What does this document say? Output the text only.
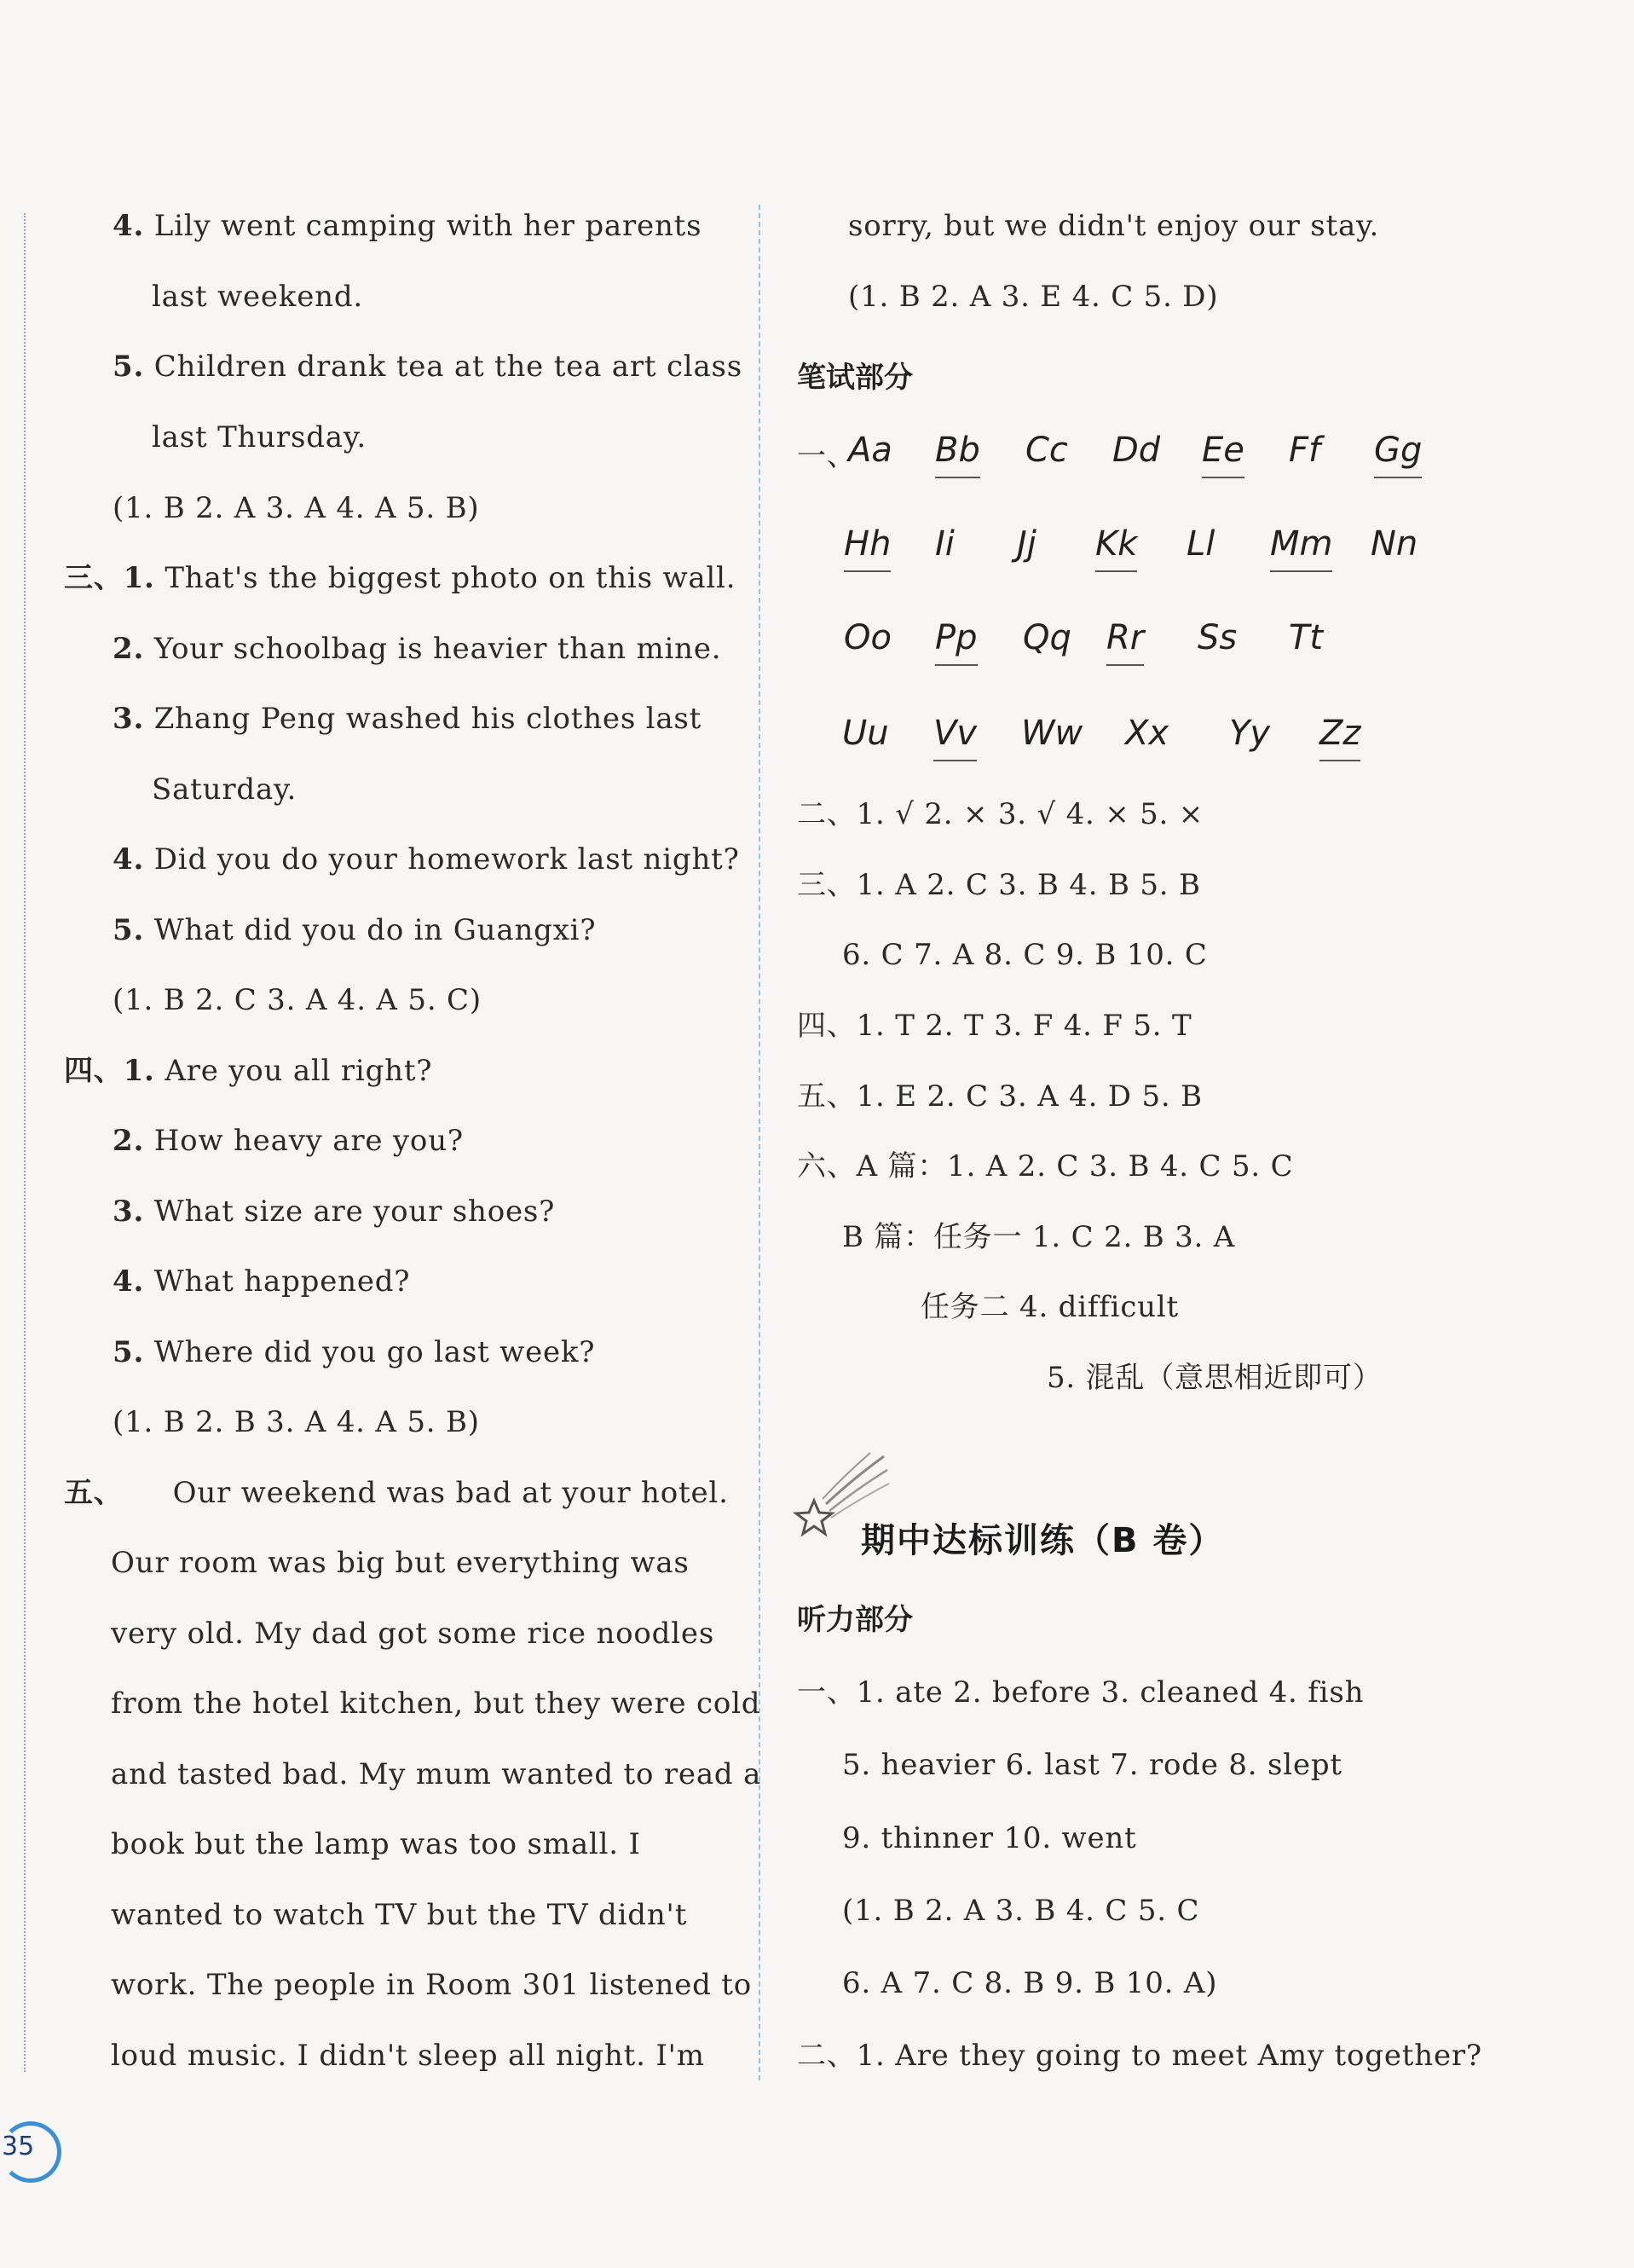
4. Lily went camping with her parents
last weekend.
5. Children drank tea at the tea art class
last Thursday.
(1. B 2. A 3. A 4. A 5. B)
三、1. That's the biggest photo on this wall.
2. Your schoolbag is heavier than mine.
3. Zhang Peng washed his clothes last
Saturday.
4. Did you do your homework last night?
5. What did you do in Guangxi?
(1. B 2. C 3. A 4. A 5. C)
四、1. Are you all right?
2. How heavy are you?
3. What size are your shoes?
4. What happened?
5. Where did you go last week?
(1. B 2. B 3. A 4. A 5. B)
五、 Our weekend was bad at your hotel.
Our room was big but everything was
very old. My dad got some rice noodles
from the hotel kitchen, but they were cold
and tasted bad. My mum wanted to read a
book but the lamp was too small. I
wanted to watch TV but the TV didn't
work. The people in Room 301 listened to
loud music. I didn't sleep all night. I'm
sorry, but we didn't enjoy our stay.
(1. B 2. A 3. E 4. C 5. D)
笔试部分
一、
Aa Bb Cc Dd Ee Ff Gg
Hh Ii Jj Kk Ll Mm Nn
Oo Pp Qq Rr Ss Tt
Uu Vv Ww Xx Yy Zz
二、1. √ 2. × 3. √ 4. × 5. ×
三、1. A 2. C 3. B 4. B 5. B
6. C 7. A 8. C 9. B 10. C
四、1. T 2. T 3. F 4. F 5. T
五、1. E 2. C 3. A 4. D 5. B
六、A 篇：1. A 2. C 3. B 4. C 5. C
B 篇：任务一 1. C 2. B 3. A
任务二 4. difficult
5. 混乱（意思相近即可）
期中达标训练（B 卷）
听力部分
一、1. ate 2. before 3. cleaned 4. fish
5. heavier 6. last 7. rode 8. slept
9. thinner 10. went
(1. B 2. A 3. B 4. C 5. C
6. A 7. C 8. B 9. B 10. A)
二、1. Are they going to meet Amy together?
35
